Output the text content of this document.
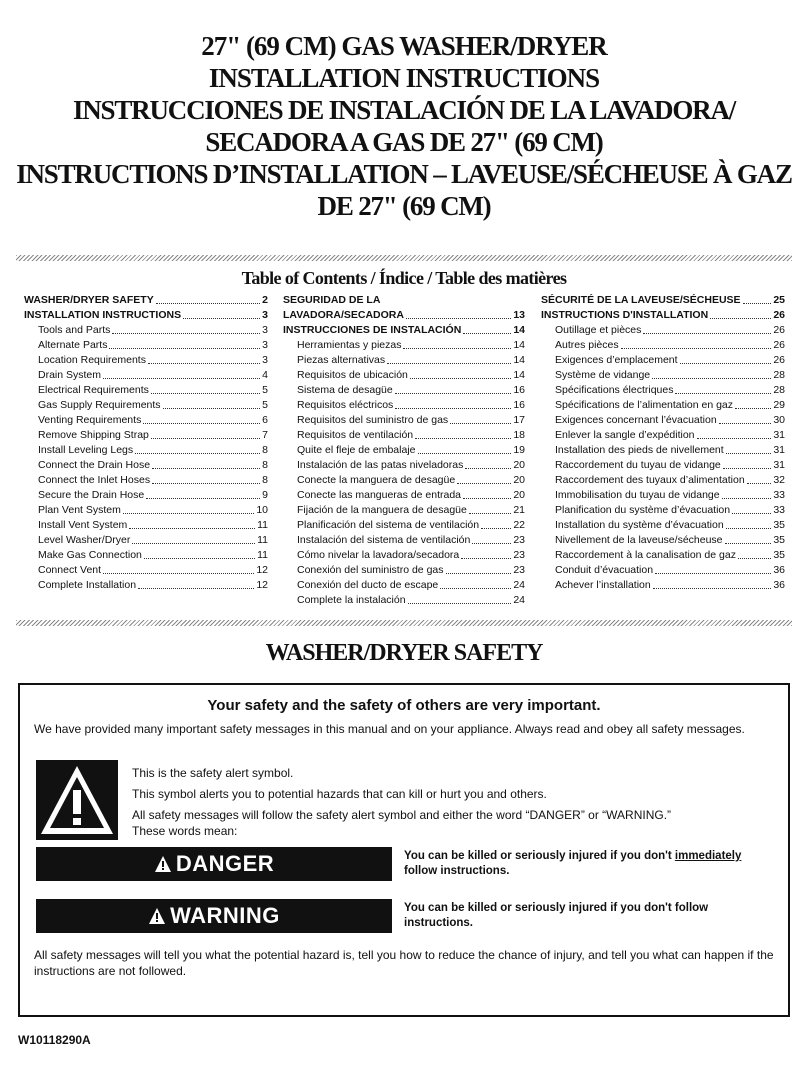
27" (69 CM) GAS WASHER/DRYER
INSTALLATION INSTRUCTIONS
INSTRUCCIONES DE INSTALACIÓN DE LA LAVADORA/
SECADORA A GAS DE 27" (69 CM)
INSTRUCTIONS D’INSTALLATION – LAVEUSE/SÉCHEUSE À GAZ
DE 27" (69 CM)
Table of Contents / Índice / Table des matières
WASHER/DRYER SAFETY	2
INSTALLATION INSTRUCTIONS	3
Tools and Parts	3
Alternate Parts	3
Location Requirements	3
Drain System	4
Electrical Requirements	5
Gas Supply Requirements	5
Venting Requirements	6
Remove Shipping Strap	7
Install Leveling Legs	8
Connect the Drain Hose	8
Connect the Inlet Hoses	8
Secure the Drain Hose	9
Plan Vent System	10
Install Vent System	11
Level Washer/Dryer	11
Make Gas Connection	11
Connect Vent	12
Complete Installation	12
SEGURIDAD DE LA
LAVADORA/SECADORA	13
INSTRUCCIONES DE INSTALACIÓN	14
Herramientas y piezas	14
Piezas alternativas	14
Requisitos de ubicación	14
Sistema de desagüe	16
Requisitos eléctricos	16
Requisitos del suministro de gas	17
Requisitos de ventilación	18
Quite el fleje de embalaje	19
Instalación de las patas niveladoras	20
Conecte la manguera de desagüe	20
Conecte las mangueras de entrada	20
Fijación de la manguera de desagüe	21
Planificación del sistema de ventilación	22
Instalación del sistema de ventilación	23
Cómo nivelar la lavadora/secadora	23
Conexión del suministro de gas	23
Conexión del ducto de escape	24
Complete la instalación	24
SÉCURITÉ DE LA LAVEUSE/SÉCHEUSE	25
INSTRUCTIONS D'INSTALLATION	26
Outillage et pièces	26
Autres pièces	26
Exigences d’emplacement	26
Système de vidange	28
Spécifications électriques	28
Spécifications de l’alimentation en gaz	29
Exigences concernant l’évacuation	30
Enlever la sangle d’expédition	31
Installation des pieds de nivellement	31
Raccordement du tuyau de vidange	31
Raccordement des tuyaux d’alimentation	32
Immobilisation du tuyau de vidange	33
Planification du système d’évacuation	33
Installation du système d’évacuation	35
Nivellement de la laveuse/sécheuse	35
Raccordement à la canalisation de gaz	35
Conduit d’évacuation	36
Achever l’installation	36
WASHER/DRYER SAFETY
Your safety and the safety of others are very important.
We have provided many important safety messages in this manual and on your appliance. Always read and obey all safety messages.
This is the safety alert symbol.
This symbol alerts you to potential hazards that can kill or hurt you and others.
All safety messages will follow the safety alert symbol and either the word “DANGER” or “WARNING.”
These words mean:
DANGER	You can be killed or seriously injured if you don't immediately follow instructions.
WARNING	You can be killed or seriously injured if you don't follow instructions.
All safety messages will tell you what the potential hazard is, tell you how to reduce the chance of injury, and tell you what can happen if the instructions are not followed.
W10118290A
